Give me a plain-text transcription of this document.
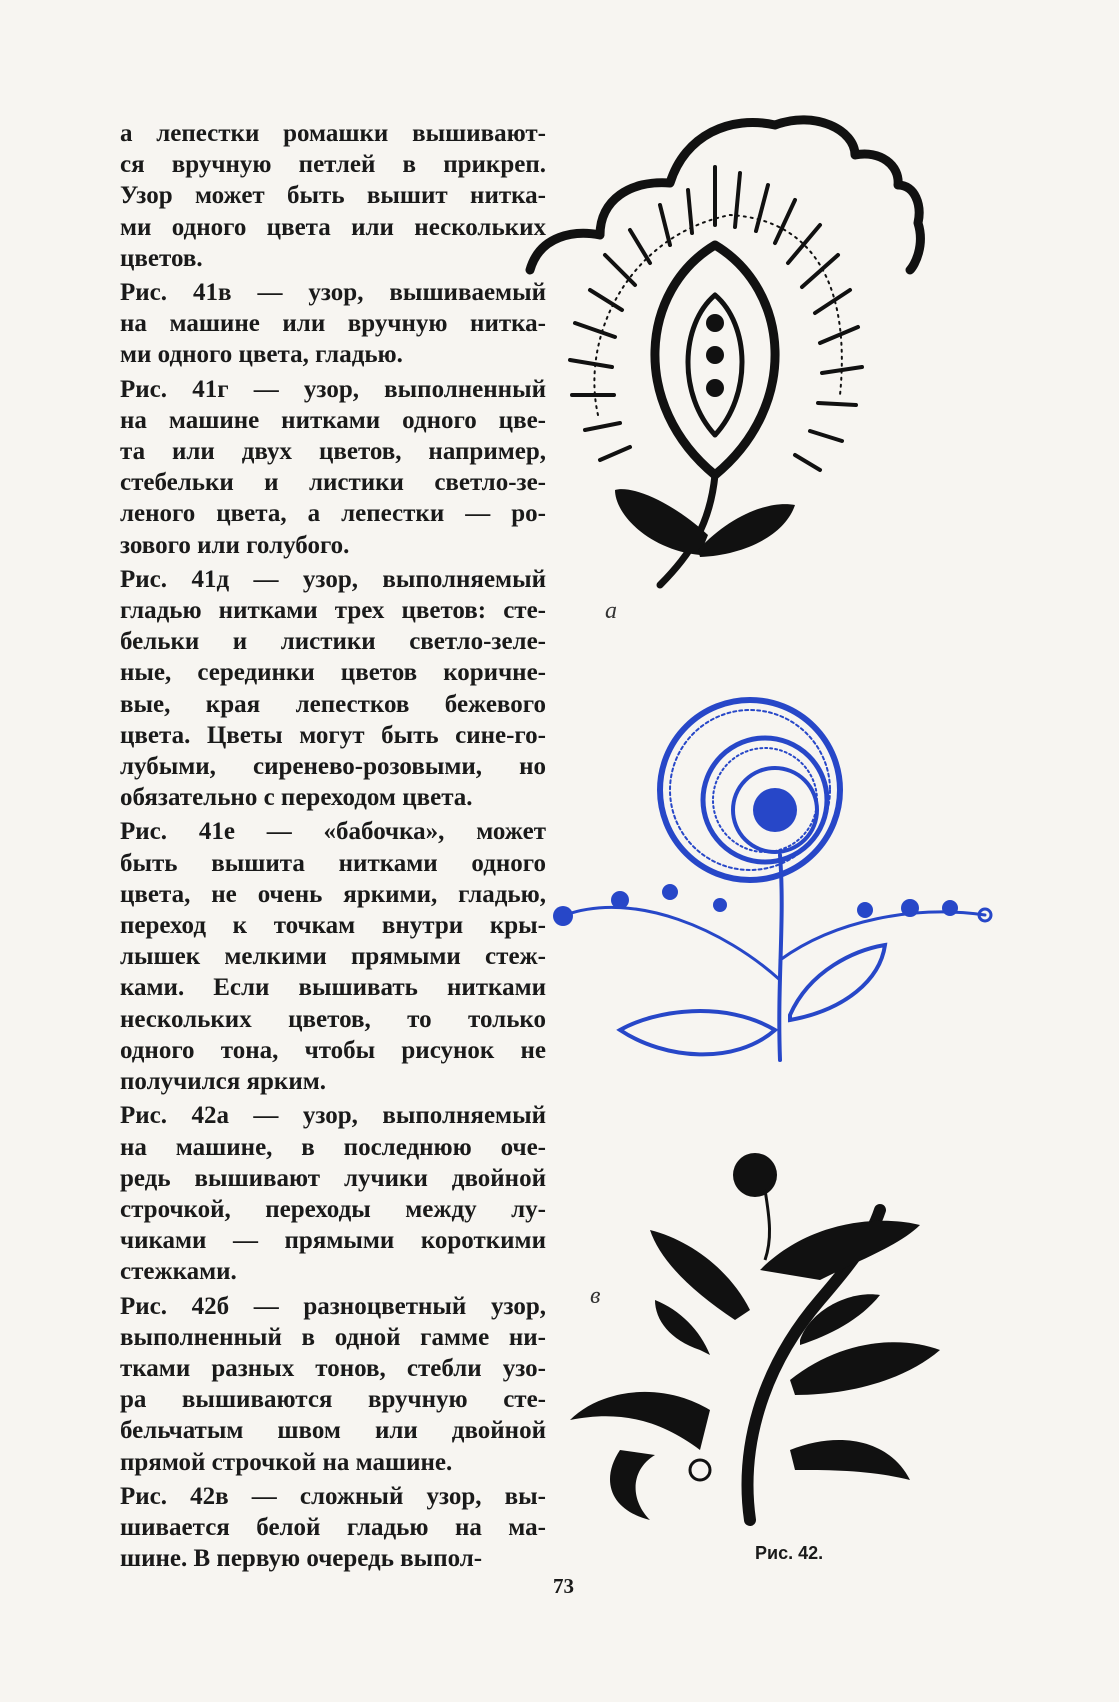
а лепестки ромашки вышивают-
ся вручную петлей в прикреп.
Узор может быть вышит нитка-
ми одного цвета или нескольких
цветов.

Рис. 41в — узор, вышиваемый
на машине или вручную нитка-
ми одного цвета, гладью.

Рис. 41г — узор, выполненный
на машине нитками одного цве-
та или двух цветов, например,
стебельки и листики светло-зе-
леного цвета, а лепестки — ро-
зового или голубого.

Рис. 41д — узор, выполняемый
гладью нитками трех цветов: сте-
бельки и листики светло-зеле-
ные, серединки цветов коричне-
вые, края лепестков бежевого
цвета. Цветы могут быть сине-го-
лубыми, сиренево-розовыми, но
обязательно с переходом цвета.

Рис. 41е — «бабочка», может
быть вышита нитками одного
цвета, не очень яркими, гладью,
переход к точкам внутри кры-
лышек мелкими прямыми стеж-
ками. Если вышивать нитками
нескольких цветов, то только
одного тона, чтобы рисунок не
получился ярким.

Рис. 42а — узор, выполняемый
на машине, в последнюю оче-
редь вышивают лучики двойной
строчкой, переходы между лу-
чиками — прямыми короткими
стежками.

Рис. 42б — разноцветный узор,
выполненный в одной гамме ни-
тками разных тонов, стебли узо-
ра вышиваются вручную сте-
бельчатым швом или двойной
прямой строчкой на машине.

Рис. 42в — сложный узор, вы-
шивается белой гладью на ма-
шине. В первую очередь выпол-

а
в
Рис. 42.
73
